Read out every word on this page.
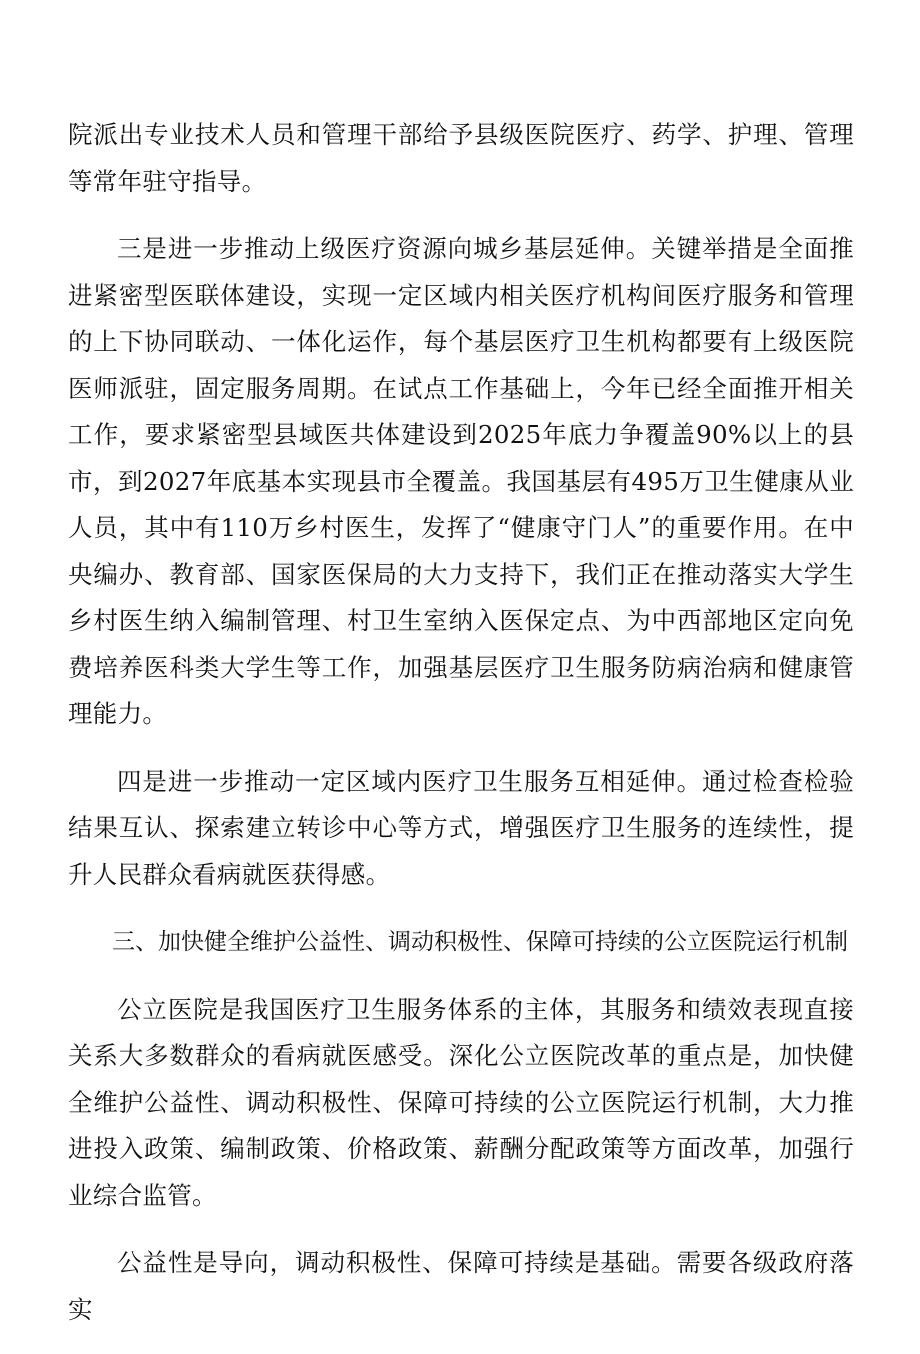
院派出专业技术人员和管理干部给予县级医院医疗、药学、护理、管理等常年驻守指导。

三是进一步推动上级医疗资源向城乡基层延伸。关键举措是全面推进紧密型医联体建设，实现一定区域内相关医疗机构间医疗服务和管理的上下协同联动、一体化运作，每个基层医疗卫生机构都要有上级医院医师派驻，固定服务周期。在试点工作基础上，今年已经全面推开相关工作，要求紧密型县域医共体建设到2025年底力争覆盖90%以上的县市，到2027年底基本实现县市全覆盖。我国基层有495万卫生健康从业人员，其中有110万乡村医生，发挥了“健康守门人”的重要作用。在中央编办、教育部、国家医保局的大力支持下，我们正在推动落实大学生乡村医生纳入编制管理、村卫生室纳入医保定点、为中西部地区定向免费培养医科类大学生等工作，加强基层医疗卫生服务防病治病和健康管理能力。

四是进一步推动一定区域内医疗卫生服务互相延伸。通过检查检验结果互认、探索建立转诊中心等方式，增强医疗卫生服务的连续性，提升人民群众看病就医获得感。

三、加快健全维护公益性、调动积极性、保障可持续的公立医院运行机制

公立医院是我国医疗卫生服务体系的主体，其服务和绩效表现直接关系大多数群众的看病就医感受。深化公立医院改革的重点是，加快健全维护公益性、调动积极性、保障可持续的公立医院运行机制，大力推进投入政策、编制政策、价格政策、薪酬分配政策等方面改革，加强行业综合监管。

公益性是导向，调动积极性、保障可持续是基础。需要各级政府落实
